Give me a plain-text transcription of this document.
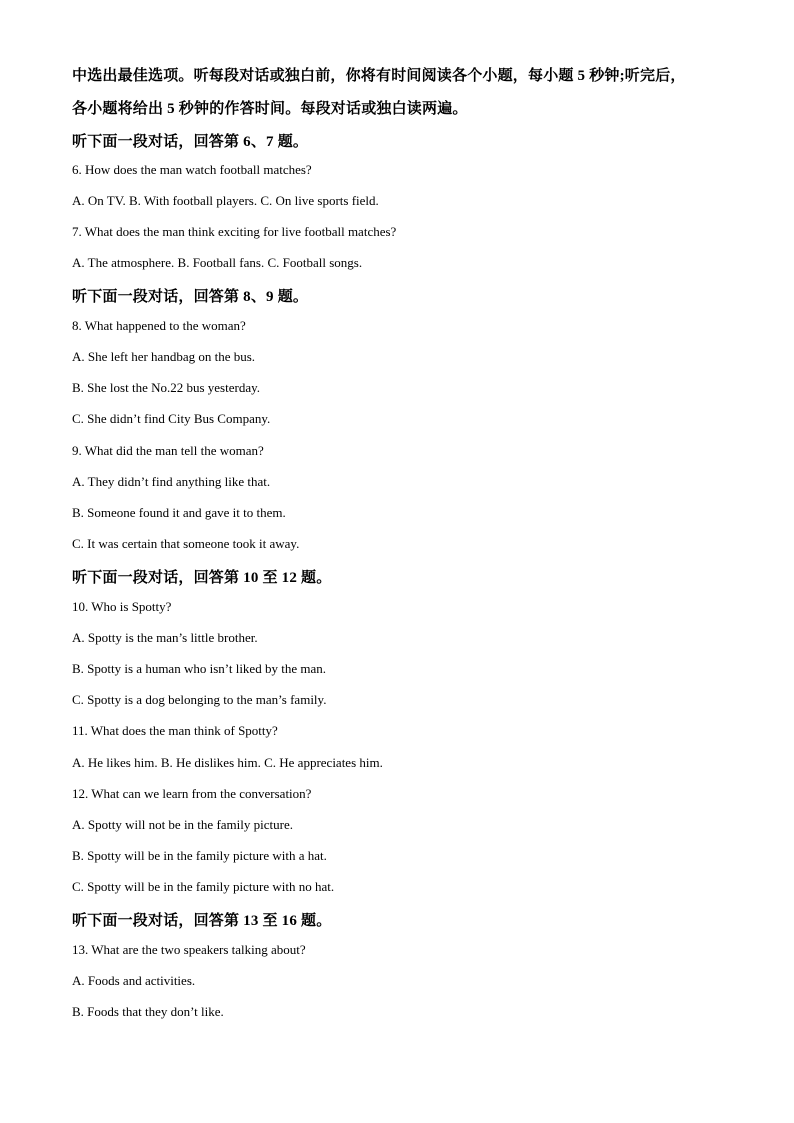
中选出最佳选项。听每段对话或独白前，你将有时间阅读各个小题，每小题 5 秒钟;听完后，
各小题将给出 5 秒钟的作答时间。每段对话或独白读两遍。
听下面一段对话，回答第 6、7 题。
6. How does the man watch football matches?
A. On TV. B. With football players. C. On live sports field.
7. What does the man think exciting for live football matches?
A. The atmosphere. B. Football fans. C. Football songs.
听下面一段对话，回答第 8、9 题。
8. What happened to the woman?
A. She left her handbag on the bus.
B. She lost the No.22 bus yesterday.
C. She didn’t find City Bus Company.
9. What did the man tell the woman?
A. They didn’t find anything like that.
B. Someone found it and gave it to them.
C. It was certain that someone took it away.
听下面一段对话，回答第 10 至 12 题。
10. Who is Spotty?
A. Spotty is the man’s little brother.
B. Spotty is a human who isn’t liked by the man.
C. Spotty is a dog belonging to the man’s family.
11. What does the man think of Spotty?
A. He likes him. B. He dislikes him. C. He appreciates him.
12. What can we learn from the conversation?
A. Spotty will not be in the family picture.
B. Spotty will be in the family picture with a hat.
C. Spotty will be in the family picture with no hat.
听下面一段对话，回答第 13 至 16 题。
13. What are the two speakers talking about?
A. Foods and activities.
B. Foods that they don’t like.
